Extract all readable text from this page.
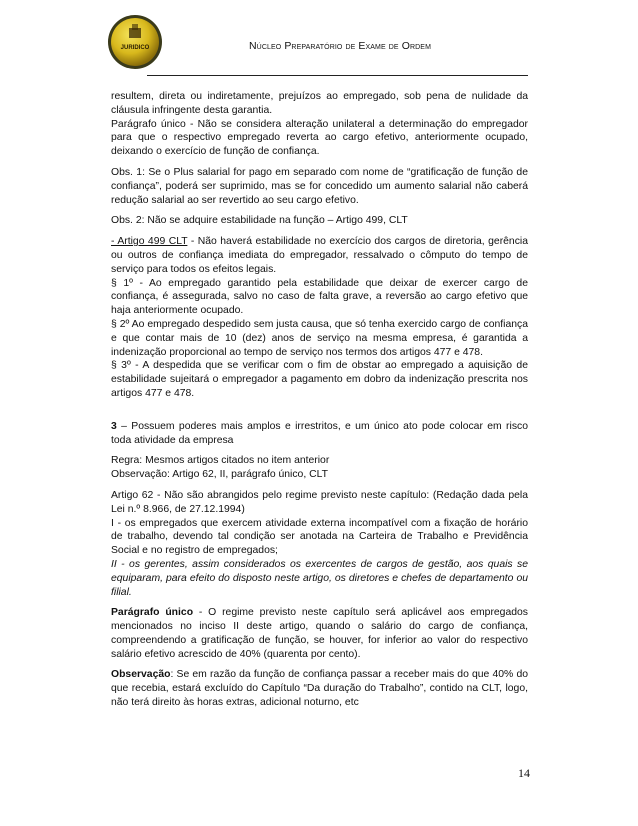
JURIDICO	Núcleo Preparatório de Exame de Ordem

resultem, direta ou indiretamente, prejuízos ao empregado, sob pena de nulidade da cláusula infringente desta garantia.

Parágrafo único - Não se considera alteração unilateral a determinação do empregador para que o respectivo empregado reverta ao cargo efetivo, anteriormente ocupado, deixando o exercício de função de confiança.

Obs. 1: Se o Plus salarial for pago em separado com nome de “gratificação de função de confiança”, poderá ser suprimido, mas se for concedido um aumento salarial não caberá redução salarial ao ser revertido ao seu cargo efetivo.

Obs. 2: Não se adquire estabilidade na função – Artigo 499, CLT

- Artigo 499 CLT - Não haverá estabilidade no exercício dos cargos de diretoria, gerência ou outros de confiança imediata do empregador, ressalvado o cômputo do tempo de serviço para todos os efeitos legais.

§ 1º - Ao empregado garantido pela estabilidade que deixar de exercer cargo de confiança, é assegurada, salvo no caso de falta grave, a reversão ao cargo efetivo que haja anteriormente ocupado.

§ 2º Ao empregado despedido sem justa causa, que só tenha exercido cargo de confiança e que contar mais de 10 (dez) anos de serviço na mesma empresa, é garantida a indenização proporcional ao tempo de serviço nos termos dos artigos 477 e 478.

§ 3º - A despedida que se verificar com o fim de obstar ao empregado a aquisição de estabilidade sujeitará o empregador a pagamento em dobro da indenização prescrita nos artigos 477 e 478.

3 – Possuem poderes mais amplos e irrestritos, e um único ato pode colocar em risco toda atividade da empresa

Regra: Mesmos artigos citados no item anterior

Observação: Artigo 62, II, parágrafo único, CLT

Artigo 62 - Não são abrangidos pelo regime previsto neste capítulo: (Redação dada pela Lei n.º 8.966, de 27.12.1994)

I - os empregados que exercem atividade externa incompatível com a fixação de horário de trabalho, devendo tal condição ser anotada na Carteira de Trabalho e Previdência Social e no registro de empregados;

II - os gerentes, assim considerados os exercentes de cargos de gestão, aos quais se equiparam, para efeito do disposto neste artigo, os diretores e chefes de departamento ou filial.

Parágrafo único - O regime previsto neste capítulo será aplicável aos empregados mencionados no inciso II deste artigo, quando o salário do cargo de confiança, compreendendo a gratificação de função, se houver, for inferior ao valor do respectivo salário efetivo acrescido de 40% (quarenta por cento).

Observação: Se em razão da função de confiança passar a receber mais do que 40% do que recebia, estará excluído do Capítulo “Da duração do Trabalho”, contido na CLT, logo, não terá direito às horas extras, adicional noturno, etc

14
